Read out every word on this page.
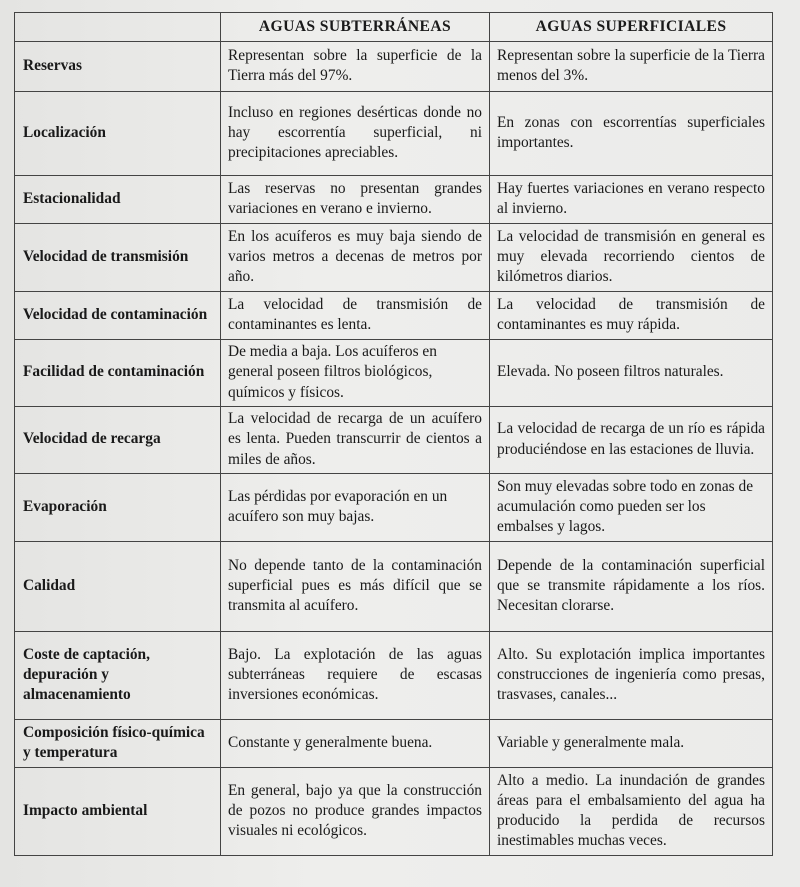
	AGUAS SUBTERRÁNEAS	AGUAS SUPERFICIALES
Reservas	Representan sobre la superficie de la Tierra más del 97%.	Representan sobre la superficie de la Tierra menos del 3%.
Localización	Incluso en regiones desérticas donde no hay escorrentía superficial, ni precipitaciones apreciables.	En zonas con escorrentías superficiales importantes.
Estacionalidad	Las reservas no presentan grandes variaciones en verano e invierno.	Hay fuertes variaciones en verano respecto al invierno.
Velocidad de transmisión	En los acuíferos es muy baja siendo de varios metros a decenas de metros por año.	La velocidad de transmisión en general es muy elevada recorriendo cientos de kilómetros diarios.
Velocidad de contaminación	La velocidad de transmisión de contaminantes es lenta.	La velocidad de transmisión de contaminantes es muy rápida.
Facilidad de contaminación	De media a baja. Los acuíferos en general poseen filtros biológicos, químicos y físicos.	Elevada. No poseen filtros naturales.
Velocidad de recarga	La velocidad de recarga de un acuífero es lenta. Pueden transcurrir de cientos a miles de años.	La velocidad de recarga de un río es rápida produciéndose en las estaciones de lluvia.
Evaporación	Las pérdidas por evaporación en un acuífero son muy bajas.	Son muy elevadas sobre todo en zonas de acumulación como pueden ser los embalses y lagos.
Calidad	No depende tanto de la contaminación superficial pues es más difícil que se transmita al acuífero.	Depende de la contaminación superficial que se transmite rápidamente a los ríos. Necesitan clorarse.
Coste de captación, depuración y almacenamiento	Bajo. La explotación de las aguas subterráneas requiere de escasas inversiones económicas.	Alto. Su explotación implica importantes construcciones de ingeniería como presas, trasvases, canales...
Composición físico-química y temperatura	Constante y generalmente buena.	Variable y generalmente mala.
Impacto ambiental	En general, bajo ya que la construcción de pozos no produce grandes impactos visuales ni ecológicos.	Alto a medio. La inundación de grandes áreas para el embalsamiento del agua ha producido la perdida de recursos inestimables muchas veces.
